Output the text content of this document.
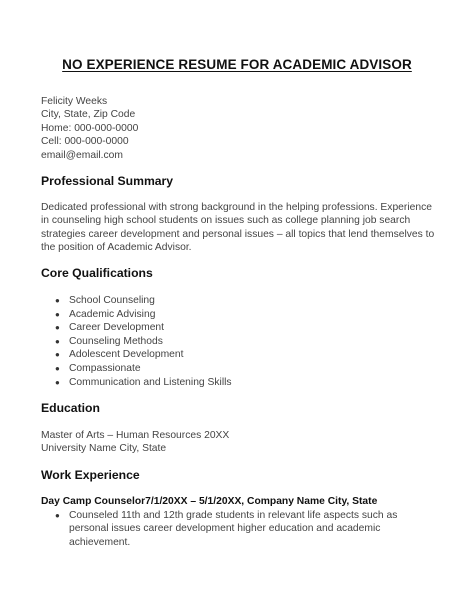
NO EXPERIENCE RESUME FOR ACADEMIC ADVISOR
Felicity Weeks
City, State, Zip Code
Home: 000-000-0000
Cell: 000-000-0000
email@email.com
Professional Summary
Dedicated professional with strong background in the helping professions. Experience
in counseling high school students on issues such as college planning job search
strategies career development and personal issues – all topics that lend themselves to
the position of Academic Advisor.
Core Qualifications
● School Counseling
● Academic Advising
● Career Development
● Counseling Methods
● Adolescent Development
● Compassionate
● Communication and Listening Skills
Education
Master of Arts – Human Resources 20XX
University Name City, State
Work Experience
Day Camp Counselor7/1/20XX – 5/1/20XX, Company Name City, State
● Counseled 11th and 12th grade students in relevant life aspects such as
personal issues career development higher education and academic
achievement.
